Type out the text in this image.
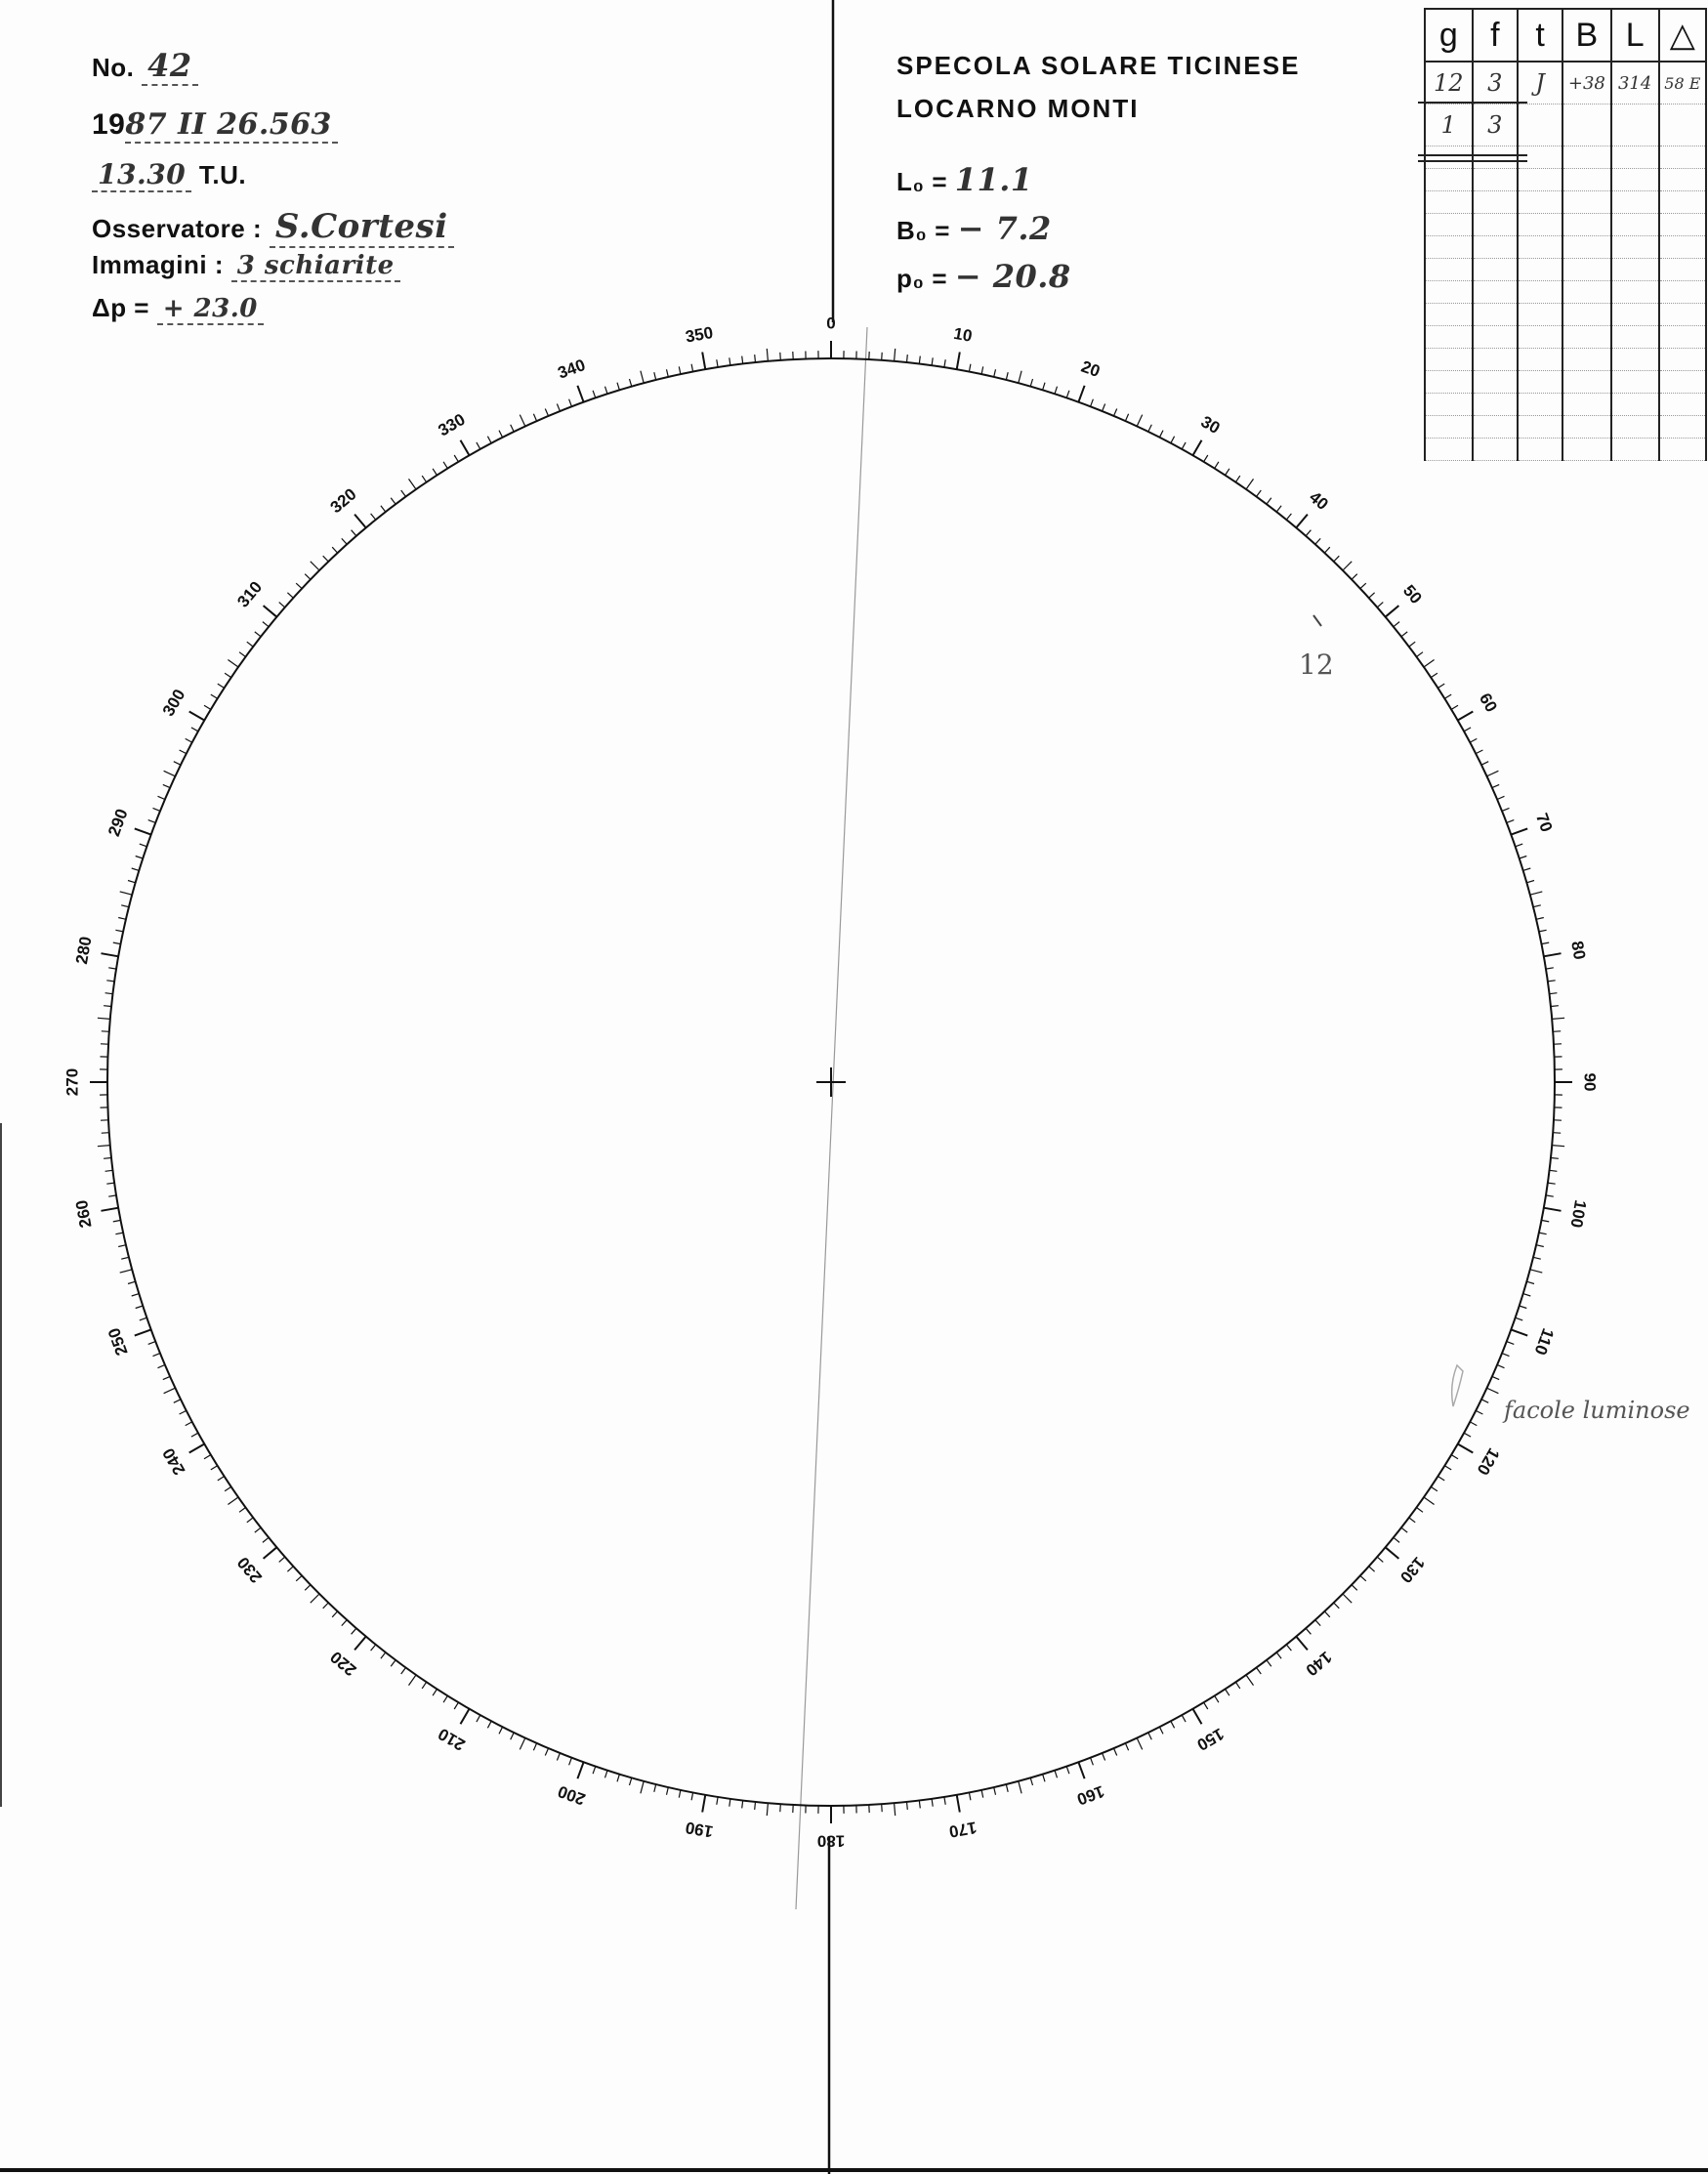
0
10
20
30
40
50
60
70
80
90
100
110
120
130
140
150
160
170
180
190
200
210
220
230
240
250
260
270
280
290
300
310
320
330
340
350
No. 42
1987 II 26.563
13.30 T.U.
Osservatore : S.Cortesi
Immagini : 3 schiarite
Δp = + 23.0
SPECOLA SOLARE TICINESE
LOCARNO MONTI
L₀ = 11.1
B₀ = − 7.2
p₀ = − 20.8
g	f	t	B	L	△
12	3	J	+38	314	58 E
1	3				

12
facole luminose
